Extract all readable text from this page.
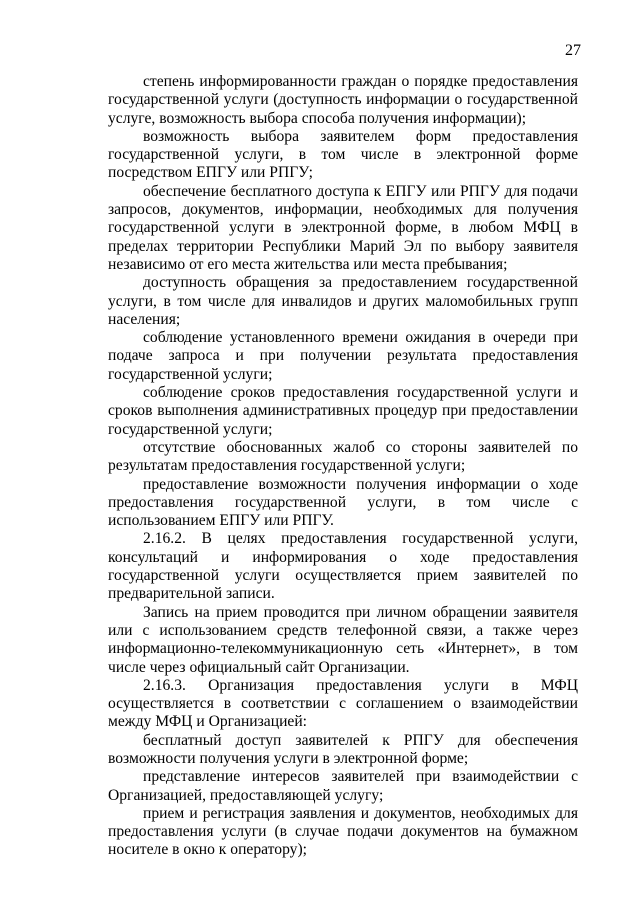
27

степень информированности граждан о порядке предоставления государственной услуги (доступность информации о государственной услуге, возможность выбора способа получения информации);

возможность выбора заявителем форм предоставления государственной услуги, в том числе в электронной форме посредством ЕПГУ или РПГУ;

обеспечение бесплатного доступа к ЕПГУ или РПГУ для подачи запросов, документов, информации, необходимых для получения государственной услуги в электронной форме, в любом МФЦ в пределах территории Республики Марий Эл по выбору заявителя независимо от его места жительства или места пребывания;

доступность обращения за предоставлением государственной услуги, в том числе для инвалидов и других маломобильных групп населения;

соблюдение установленного времени ожидания в очереди при подаче запроса и при получении результата предоставления государственной услуги;

соблюдение сроков предоставления государственной услуги и сроков выполнения административных процедур при предоставлении государственной услуги;

отсутствие обоснованных жалоб со стороны заявителей по результатам предоставления государственной услуги;

предоставление возможности получения информации о ходе предоставления государственной услуги, в том числе с использованием ЕПГУ или РПГУ.

2.16.2. В целях предоставления государственной услуги, консультаций и информирования о ходе предоставления государственной услуги осуществляется прием заявителей по предварительной записи.

Запись на прием проводится при личном обращении заявителя или с использованием средств телефонной связи, а также через информационно-телекоммуникационную сеть «Интернет», в том числе через официальный сайт Организации.

2.16.3. Организация предоставления услуги в МФЦ осуществляется в соответствии с соглашением о взаимодействии между МФЦ и Организацией:

бесплатный доступ заявителей к РПГУ для обеспечения возможности получения услуги в электронной форме;

представление интересов заявителей при взаимодействии с Организацией, предоставляющей услугу;

прием и регистрация заявления и документов, необходимых для предоставления услуги (в случае подачи документов на бумажном носителе в окно к оператору);
